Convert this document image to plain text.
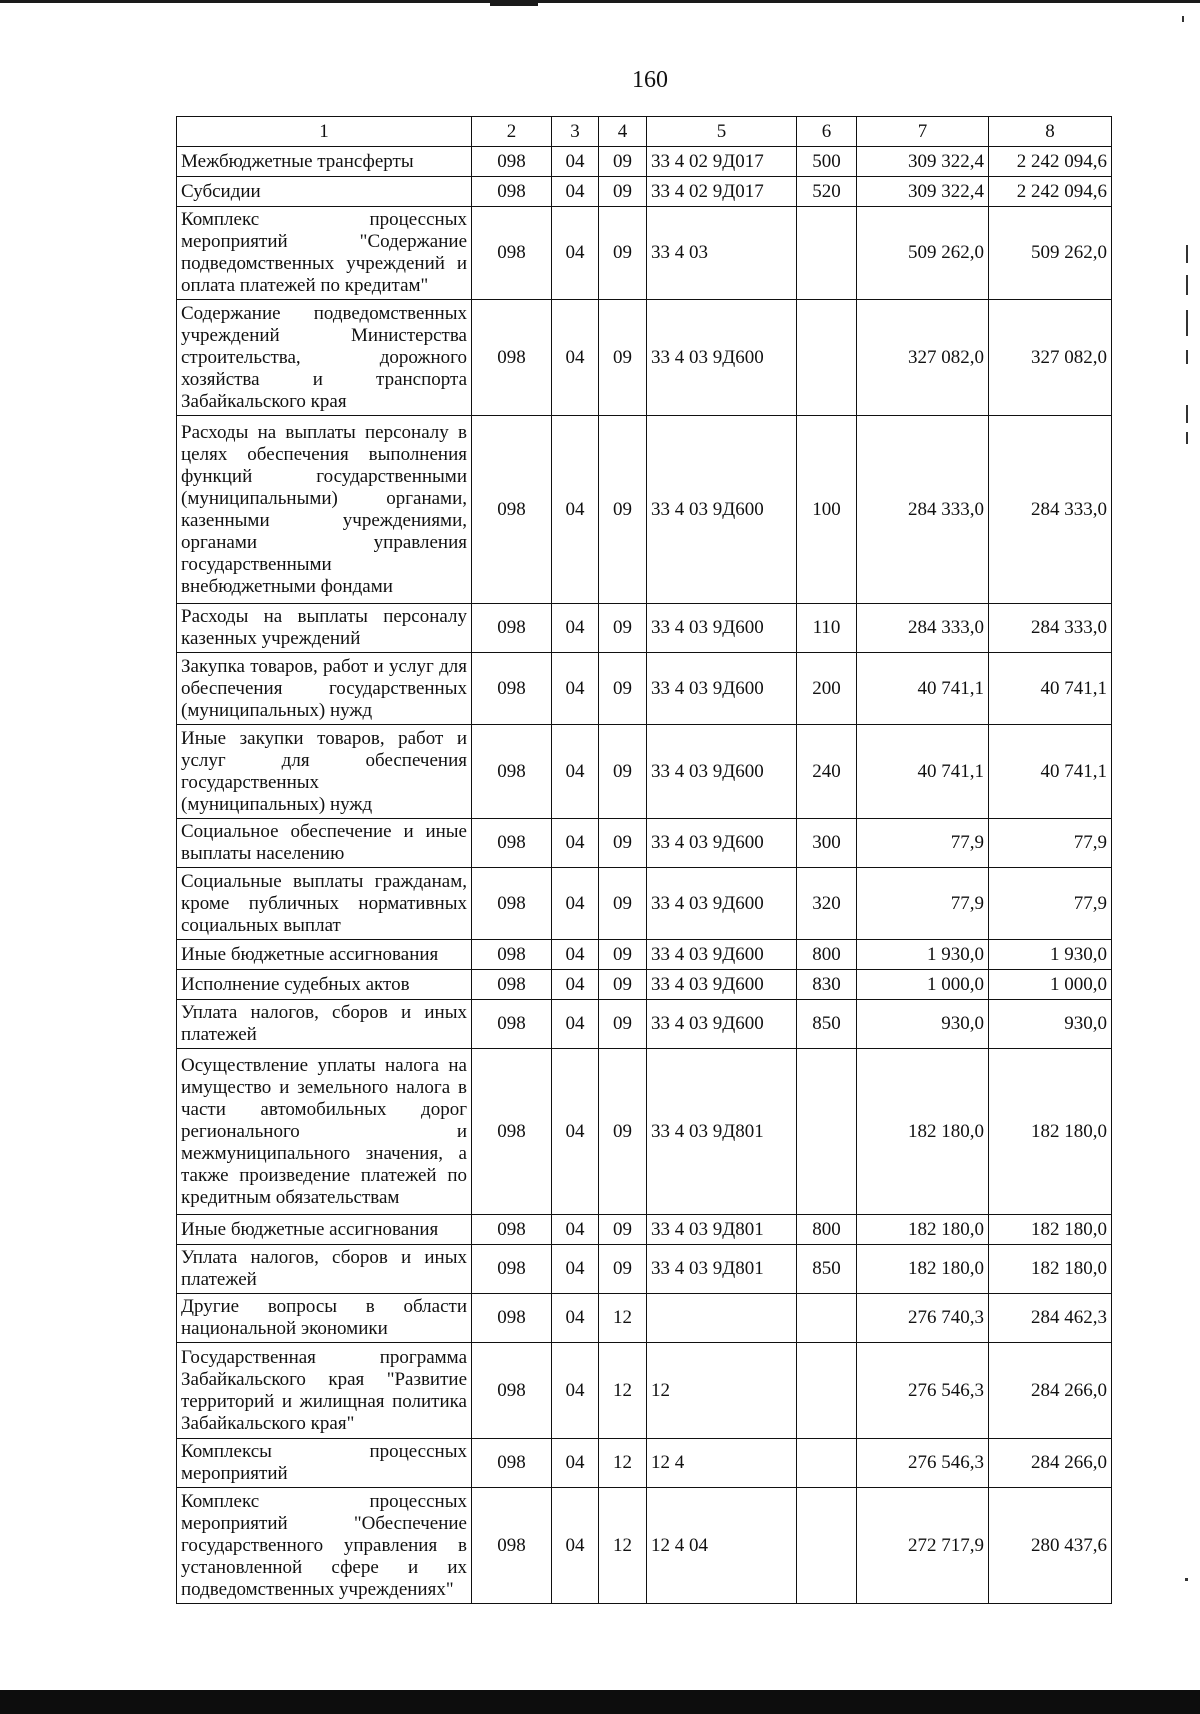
160
1	2	3	4	5	6	7	8
Межбюджетные трансферты	098	04	09	33 4 02 9Д017	500	309 322,4	2 242 094,6
Субсидии	098	04	09	33 4 02 9Д017	520	309 322,4	2 242 094,6
Комплекс процессных мероприятий "Содержание подведомственных учреждений и оплата платежей по кредитам"	098	04	09	33 4 03		509 262,0	509 262,0
Содержание подведомственных учреждений Министерства строительства, дорожного хозяйства и транспорта Забайкальского края	098	04	09	33 4 03 9Д600		327 082,0	327 082,0
Расходы на выплаты персоналу в целях обеспечения выполнения функций государственными (муниципальными) органами, казенными учреждениями, органами управления государственными внебюджетными фондами	098	04	09	33 4 03 9Д600	100	284 333,0	284 333,0
Расходы на выплаты персоналу казенных учреждений	098	04	09	33 4 03 9Д600	110	284 333,0	284 333,0
Закупка товаров, работ и услуг для обеспечения государственных (муниципальных) нужд	098	04	09	33 4 03 9Д600	200	40 741,1	40 741,1
Иные закупки товаров, работ и услуг для обеспечения государственных (муниципальных) нужд	098	04	09	33 4 03 9Д600	240	40 741,1	40 741,1
Социальное обеспечение и иные выплаты населению	098	04	09	33 4 03 9Д600	300	77,9	77,9
Социальные выплаты гражданам, кроме публичных нормативных социальных выплат	098	04	09	33 4 03 9Д600	320	77,9	77,9
Иные бюджетные ассигнования	098	04	09	33 4 03 9Д600	800	1 930,0	1 930,0
Исполнение судебных актов	098	04	09	33 4 03 9Д600	830	1 000,0	1 000,0
Уплата налогов, сборов и иных платежей	098	04	09	33 4 03 9Д600	850	930,0	930,0
Осуществление уплаты налога на имущество и земельного налога в части автомобильных дорог регионального и межмуниципального значения, а также произведение платежей по кредитным обязательствам	098	04	09	33 4 03 9Д801		182 180,0	182 180,0
Иные бюджетные ассигнования	098	04	09	33 4 03 9Д801	800	182 180,0	182 180,0
Уплата налогов, сборов и иных платежей	098	04	09	33 4 03 9Д801	850	182 180,0	182 180,0
Другие вопросы в области национальной экономики	098	04	12			276 740,3	284 462,3
Государственная программа Забайкальского края "Развитие территорий и жилищная политика Забайкальского края"	098	04	12	12		276 546,3	284 266,0
Комплексы процессных мероприятий	098	04	12	12 4		276 546,3	284 266,0
Комплекс процессных мероприятий "Обеспечение государственного управления в установленной сфере и их подведомственных учреждениях"	098	04	12	12 4 04		272 717,9	280 437,6
